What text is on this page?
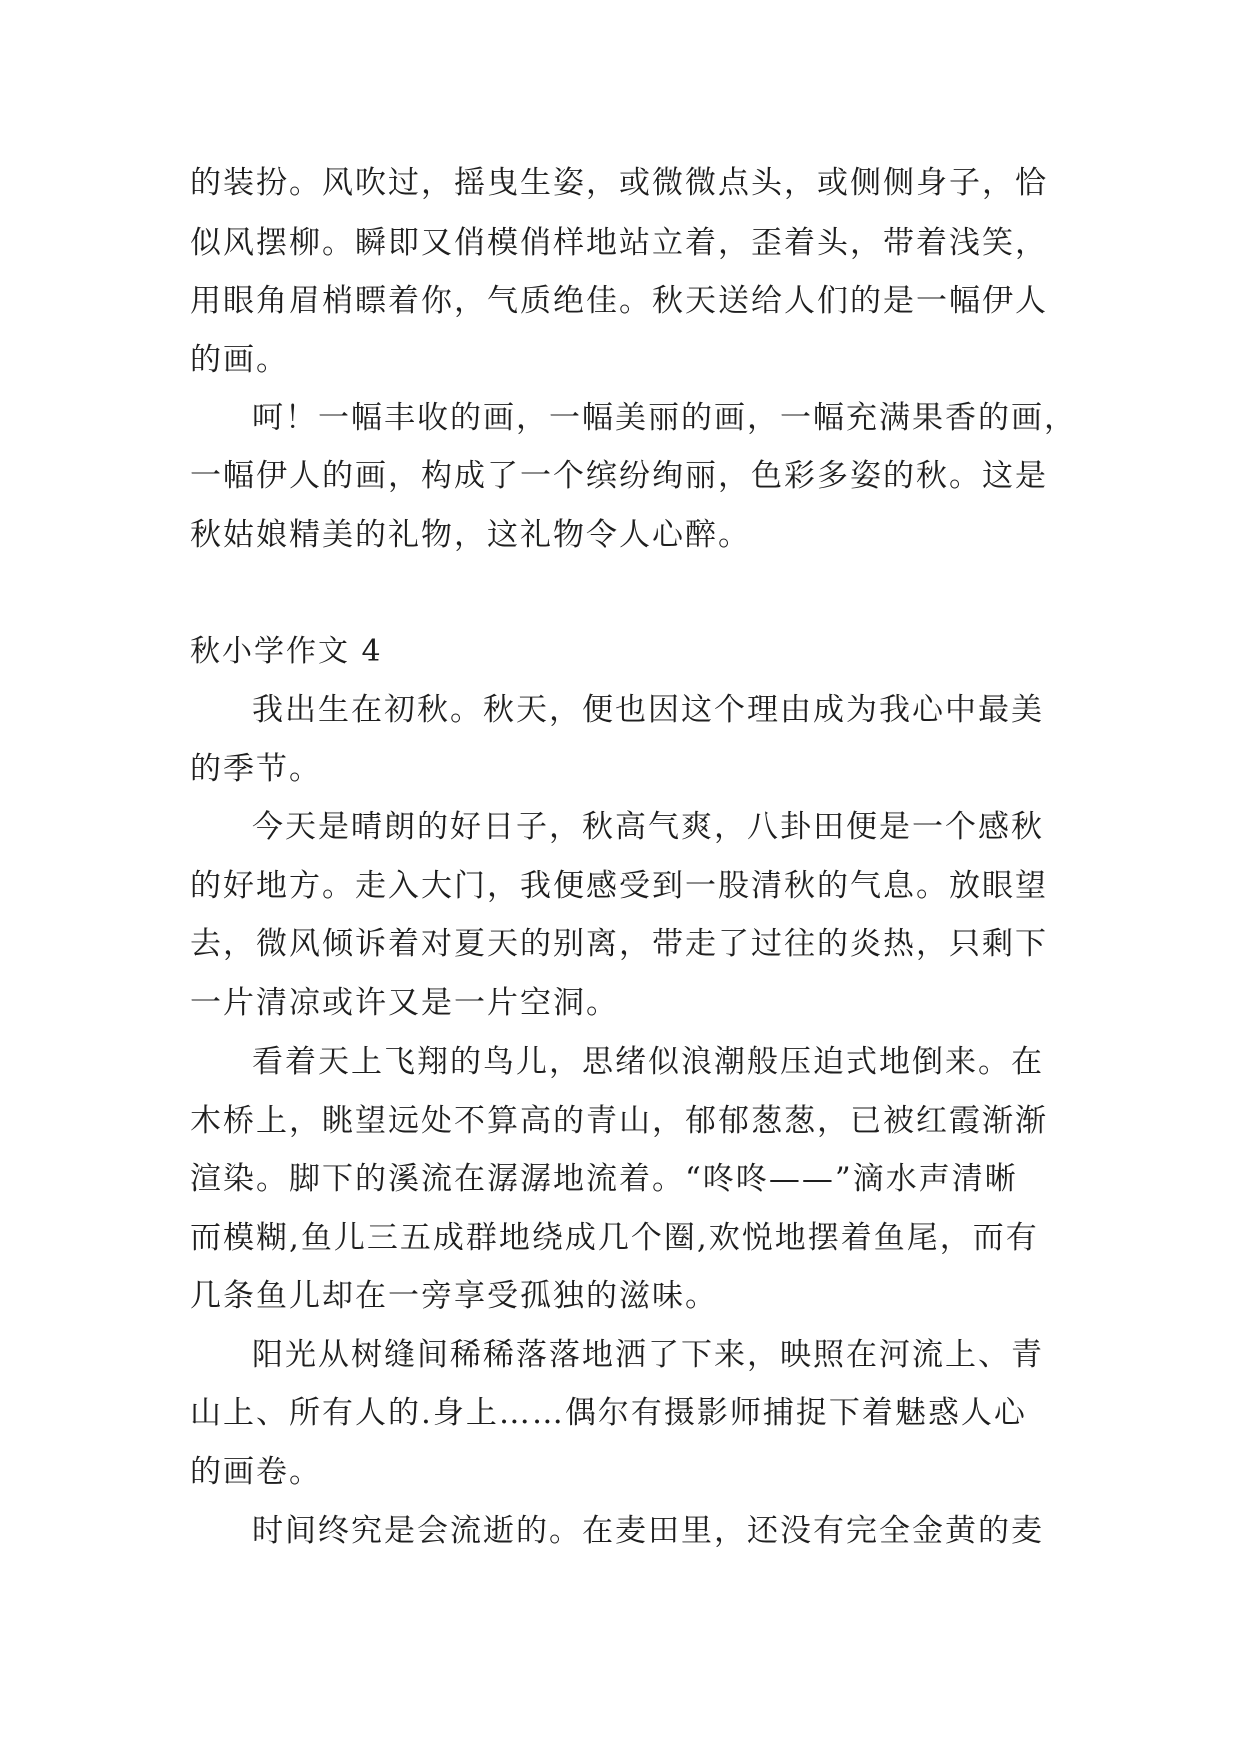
的装扮。风吹过，摇曳生姿，或微微点头，或侧侧身子，恰
似风摆柳。瞬即又俏模俏样地站立着，歪着头，带着浅笑，
用眼角眉梢瞟着你，气质绝佳。秋天送给人们的是一幅伊人
的画。
呵！一幅丰收的画，一幅美丽的画，一幅充满果香的画，
一幅伊人的画，构成了一个缤纷绚丽，色彩多姿的秋。这是
秋姑娘精美的礼物，这礼物令人心醉。
秋小学作文 4
我出生在初秋。秋天，便也因这个理由成为我心中最美
的季节。
今天是晴朗的好日子，秋高气爽，八卦田便是一个感秋
的好地方。走入大门，我便感受到一股清秋的气息。放眼望
去，微风倾诉着对夏天的别离，带走了过往的炎热，只剩下
一片清凉或许又是一片空洞。
看着天上飞翔的鸟儿，思绪似浪潮般压迫式地倒来。在
木桥上，眺望远处不算高的青山，郁郁葱葱，已被红霞渐渐
渲染。脚下的溪流在潺潺地流着。“咚咚——”滴水声清晰
而模糊,鱼儿三五成群地绕成几个圈,欢悦地摆着鱼尾，而有
几条鱼儿却在一旁享受孤独的滋味。
阳光从树缝间稀稀落落地洒了下来，映照在河流上、青
山上、所有人的.身上……偶尔有摄影师捕捉下着魅惑人心
的画卷。
时间终究是会流逝的。在麦田里，还没有完全金黄的麦
